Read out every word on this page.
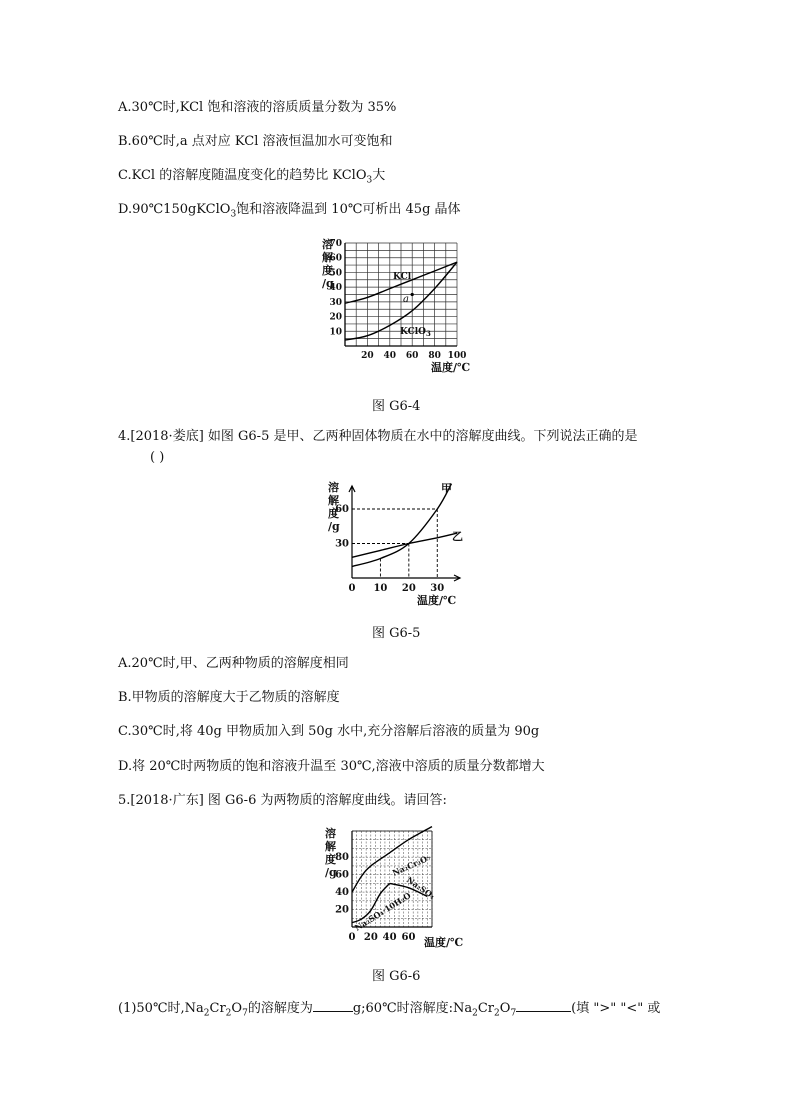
A.30℃时,KCl 饱和溶液的溶质质量分数为 35%
B.60℃时,a 点对应 KCl 溶液恒温加水可变饱和
C.KCl 的溶解度随温度变化的趋势比 KClO$_3$大
D.90℃150gKClO$_3$饱和溶液降温到 10℃可析出 45g 晶体
10
20
30
40
50
60
70
20 40 60 80 100
溶
解
度
/g
温度/℃
KCl
a
KClO$_3$
图 G6-4
4.[2018·娄底] 如图 G6-5 是甲、乙两种固体物质在水中的溶解度曲线。下列说法正确的是
( )
30
60
0 10 20 30
溶
解
度
/g
温度/℃
甲
乙
图 G6-5
A.20℃时,甲、乙两种物质的溶解度相同
B.甲物质的溶解度大于乙物质的溶解度
C.30℃时,将 40g 甲物质加入到 50g 水中,充分溶解后溶液的质量为 90g
D.将 20℃时两物质的饱和溶液升温至 30℃,溶液中溶质的质量分数都增大
5.[2018·广东] 图 G6-6 为两物质的溶解度曲线。请回答:
20
40
60
80
0 20 40 60
溶
解
度
/g
温度/℃
Na₂Cr₂O₇
Na₂SO₄
Na₂SO₄·10H₂O
图 G6-6
(1)50℃时$,Na_2Cr_2O_7$的溶解度为	g;60℃时溶解度$:Na_2Cr_2O_7$	(填 ">" "<" 或
